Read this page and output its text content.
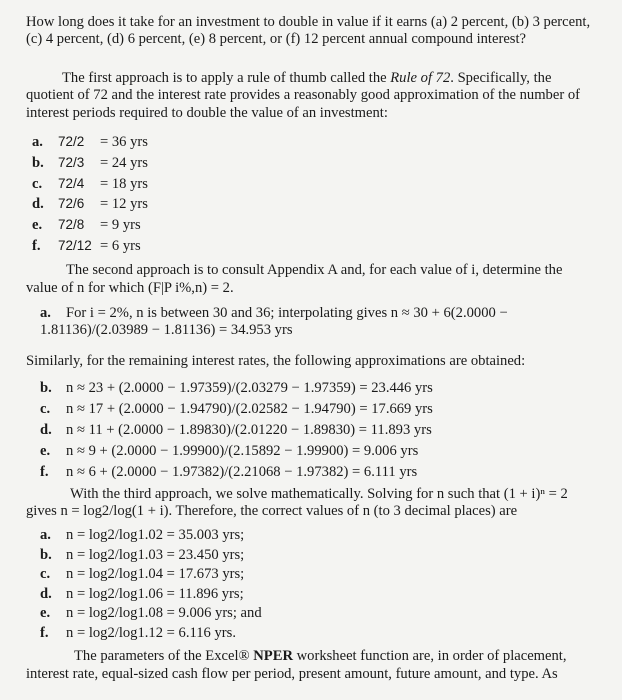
How long does it take for an investment to double in value if it earns (a) 2 percent, (b) 3 percent, (c) 4 percent, (d) 6 percent, (e) 8 percent, or (f) 12 percent annual compound interest?
The first approach is to apply a rule of thumb called the Rule of 72. Specifically, the quotient of 72 and the interest rate provides a reasonably good approximation of the number of interest periods required to double the value of an investment:
a. 72/2 = 36 yrs
b. 72/3 = 24 yrs
c. 72/4 = 18 yrs
d. 72/6 = 12 yrs
e. 72/8 = 9 yrs
f. 72/12 = 6 yrs
The second approach is to consult Appendix A and, for each value of i, determine the
value of n for which (F|P i%,n) = 2.
a. For i = 2%, n is between 30 and 36; interpolating gives n ≈ 30 + 6(2.0000 −
1.81136)/(2.03989 − 1.81136) = 34.953 yrs
Similarly, for the remaining interest rates, the following approximations are obtained:
b. n ≈ 23 + (2.0000 − 1.97359)/(2.03279 − 1.97359) = 23.446 yrs
c. n ≈ 17 + (2.0000 − 1.94790)/(2.02582 − 1.94790) = 17.669 yrs
d. n ≈ 11 + (2.0000 − 1.89830)/(2.01220 − 1.89830) = 11.893 yrs
e. n ≈ 9 + (2.0000 − 1.99900)/(2.15892 − 1.99900) = 9.006 yrs
f. n ≈ 6 + (2.0000 − 1.97382)/(2.21068 − 1.97382) = 6.111 yrs
With the third approach, we solve mathematically. Solving for n such that (1 + i)ⁿ = 2
gives n = log2/log(1 + i). Therefore, the correct values of n (to 3 decimal places) are
a. n = log2/log1.02 = 35.003 yrs;
b. n = log2/log1.03 = 23.450 yrs;
c. n = log2/log1.04 = 17.673 yrs;
d. n = log2/log1.06 = 11.896 yrs;
e. n = log2/log1.08 = 9.006 yrs; and
f. n = log2/log1.12 = 6.116 yrs.
The parameters of the Excel® NPER worksheet function are, in order of placement,
interest rate, equal-sized cash flow per period, present amount, future amount, and type. As
